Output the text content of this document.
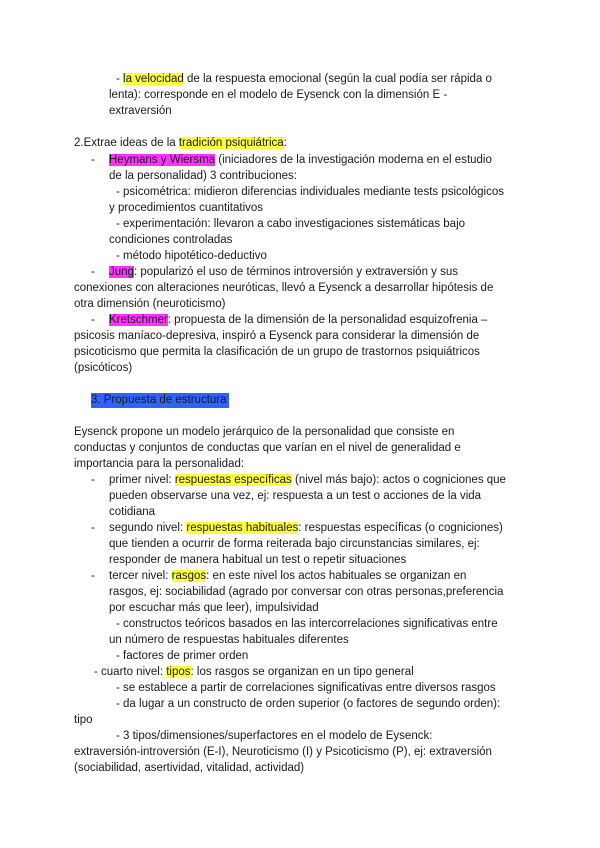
- la velocidad de la respuesta emocional (según la cual podía ser rápida o
lenta): corresponde en el modelo de Eysenck con la dimensión E -
extraversión
2.Extrae ideas de la tradición psiquiátrica:
- Heymans y Wiersma (iniciadores de la investigación moderna en el estudio
de la personalidad) 3 contribuciones:
- psicométrica: midieron diferencias individuales mediante tests psicológicos
y procedimientos cuantitativos
- experimentación: llevaron a cabo investigaciones sistemáticas bajo
condiciones controladas
- método hipotético-deductivo
- Jung: popularizó el uso de términos introversión y extraversión y sus
conexiones con alteraciones neuróticas, llevó a Eysenck a desarrollar hipótesis de
otra dimensión (neuroticismo)
- Kretschmer: propuesta de la dimensión de la personalidad esquizofrenia –
psicosis maníaco-depresiva, inspiró a Eysenck para considerar la dimensión de
psicoticismo que permita la clasificación de un grupo de trastornos psiquiátricos
(psicóticos)
3. Propuesta de estructura
Eysenck propone un modelo jerárquico de la personalidad que consiste en
conductas y conjuntos de conductas que varían en el nivel de generalidad e
importancia para la personalidad:
- primer nivel: respuestas específicas (nivel más bajo): actos o cogniciones que
pueden observarse una vez, ej: respuesta a un test o acciones de la vida
cotidiana
- segundo nivel: respuestas habituales: respuestas específicas (o cogniciones)
que tienden a ocurrir de forma reiterada bajo circunstancias similares, ej:
responder de manera habitual un test o repetir situaciones
- tercer nivel: rasgos: en este nivel los actos habituales se organizan en
rasgos, ej: sociabilidad (agrado por conversar con otras personas,preferencia
por escuchar más que leer), impulsividad
- constructos teóricos basados en las intercorrelaciones significativas entre
un número de respuestas habituales diferentes
- factores de primer orden
- cuarto nivel: tipos: los rasgos se organizan en un tipo general
- se establece a partir de correlaciones significativas entre diversos rasgos
- da lugar a un constructo de orden superior (o factores de segundo orden):
tipo
- 3 tipos/dimensiones/superfactores en el modelo de Eysenck:
extraversión-introversión (E-I), Neuroticismo (I) y Psicoticismo (P), ej: extraversión
(sociabilidad, asertividad, vitalidad, actividad)
